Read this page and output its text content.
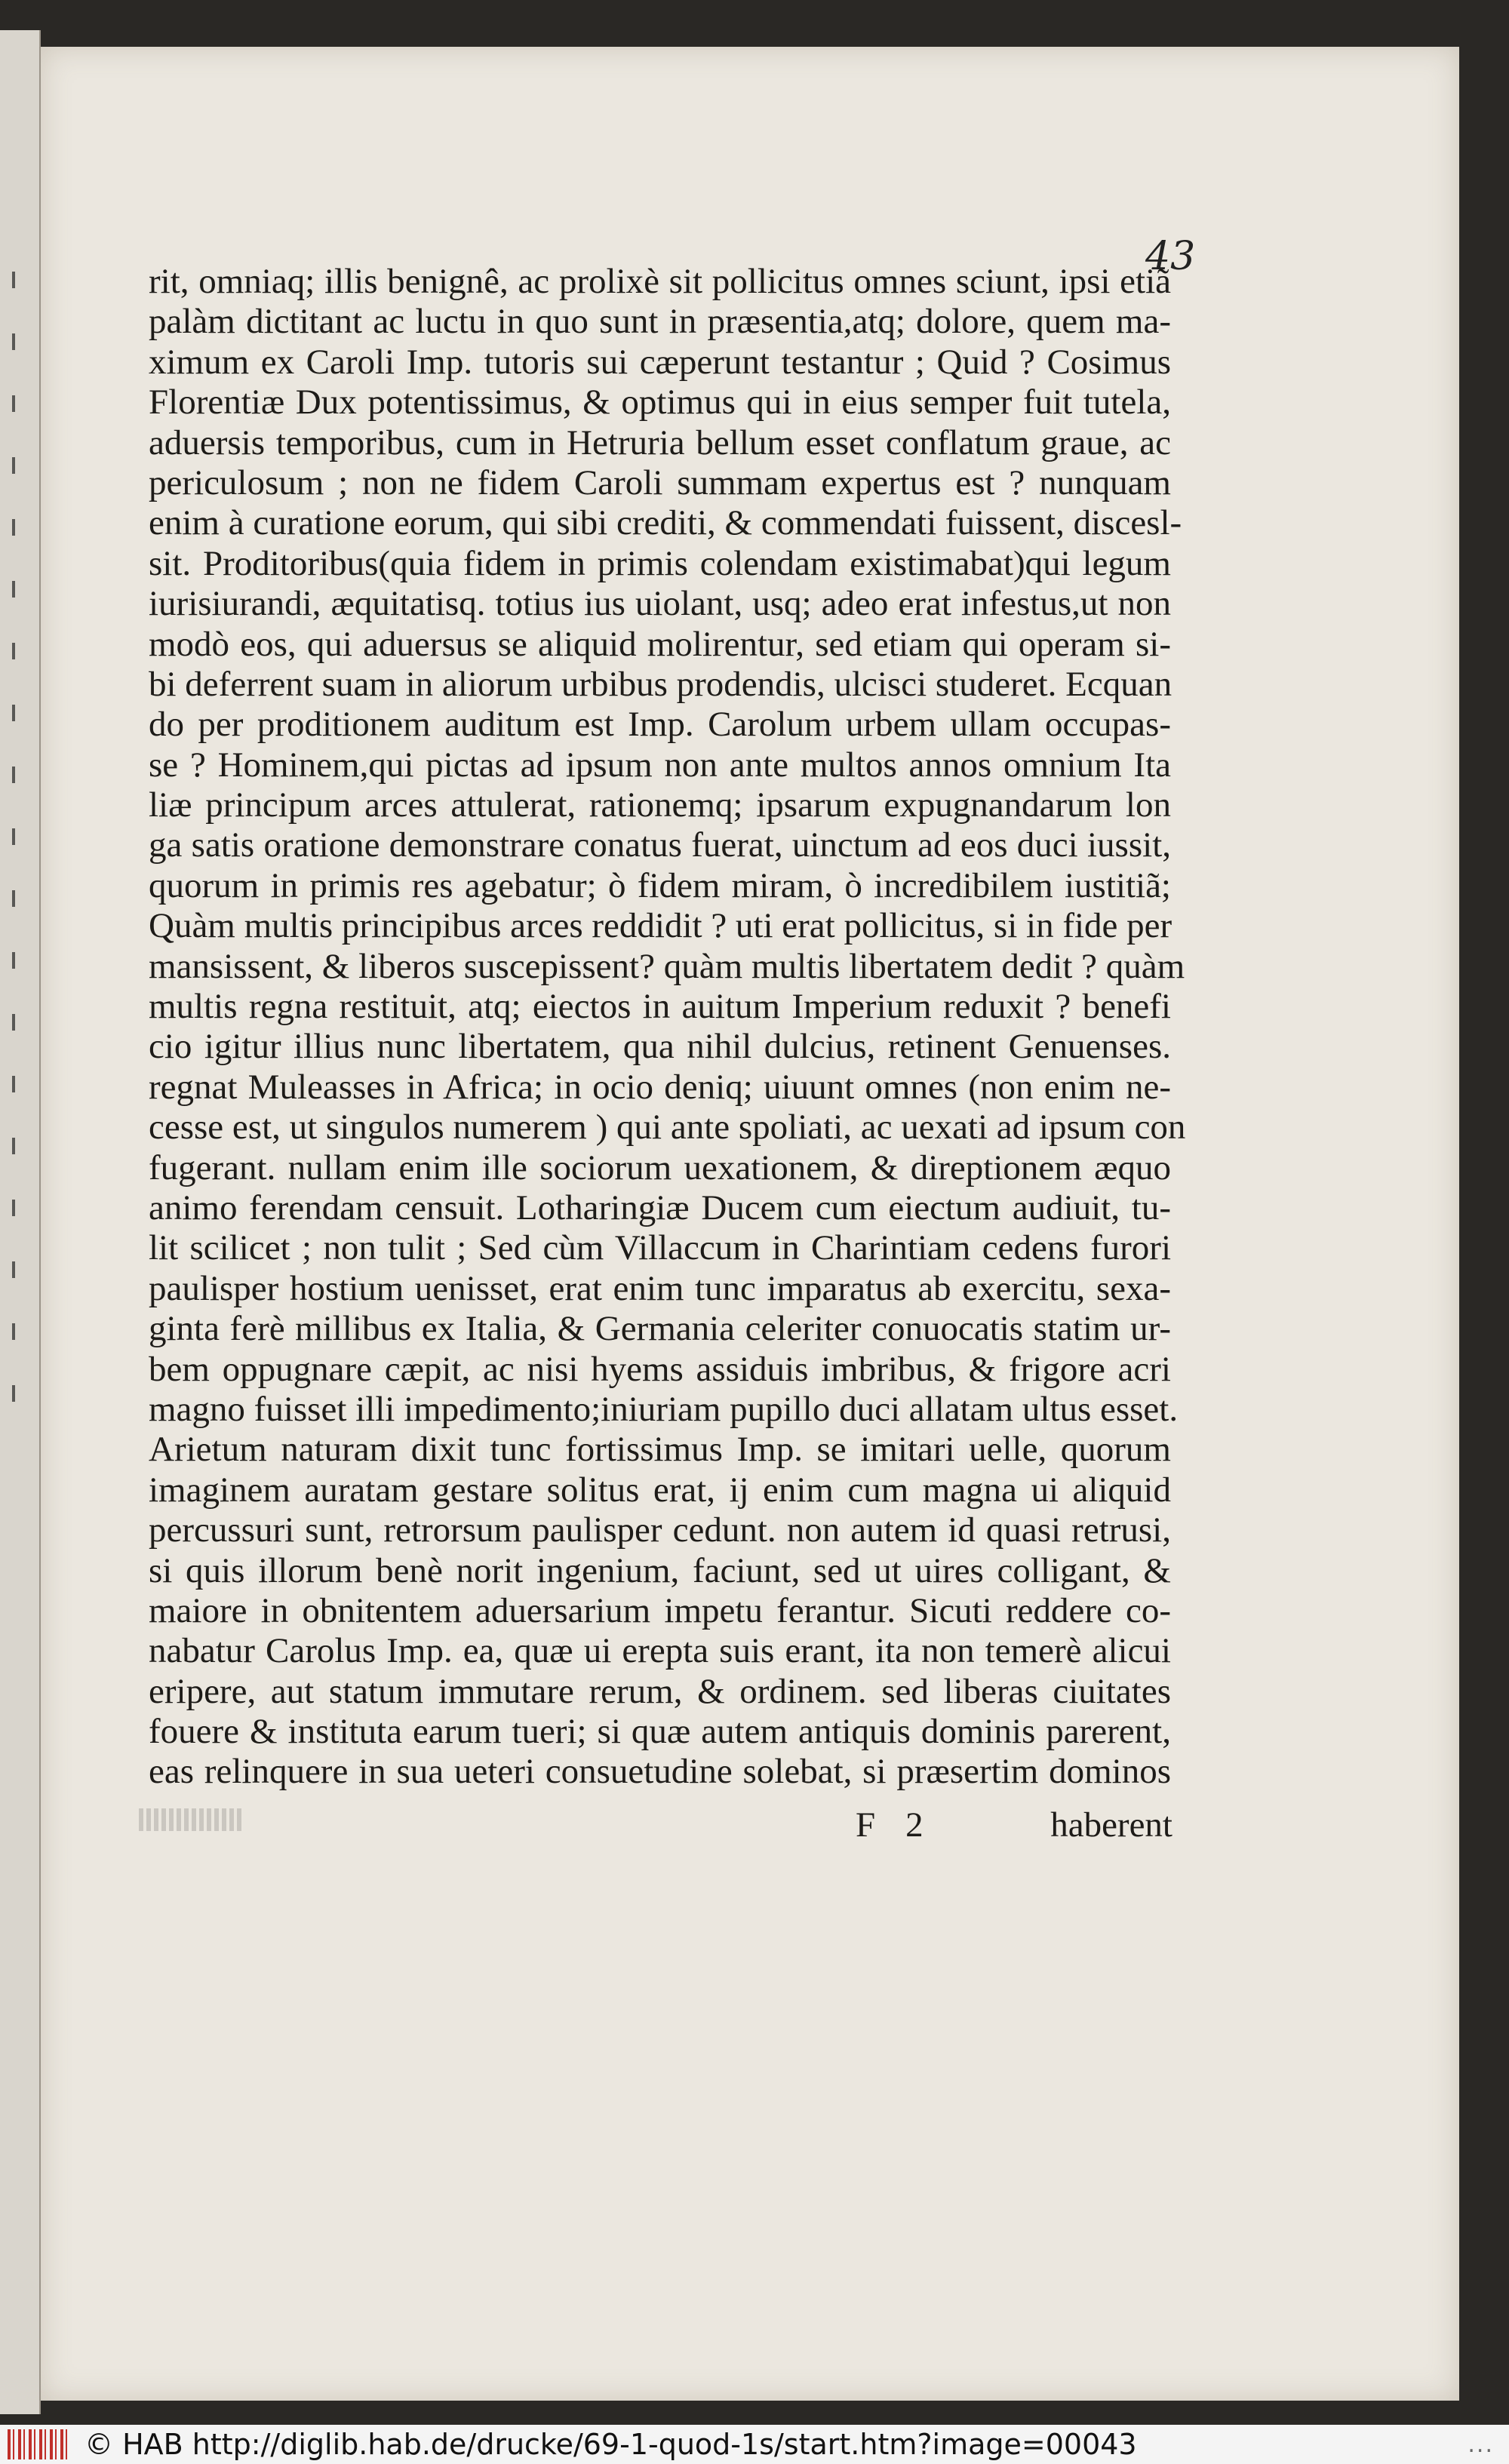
43
rit, omniaq; illis benignê, ac prolixè sit pollicitus omnes sciunt, ipsi etiã
palàm dictitant ac luctu in quo sunt in præsentia,atq; dolore, quem ma-
ximum ex Caroli Imp. tutoris sui cæperunt testantur ; Quid ? Cosimus
Florentiæ Dux potentissimus, & optimus qui in eius semper fuit tutela,
aduersis temporibus, cum in Hetruria bellum esset conflatum graue, ac
periculosum ; non ne fidem Caroli summam expertus est ? nunquam
enim à curatione eorum, qui sibi crediti, & commendati fuissent, discesl-
sit. Proditoribus(quia fidem in primis colendam existimabat)qui legum
iurisiurandi, æquitatisq. totius ius uiolant, usq; adeo erat infestus,ut non
modò eos, qui aduersus se aliquid molirentur, sed etiam qui operam si-
bi deferrent suam in aliorum urbibus prodendis, ulcisci studeret. Ecquan
do per proditionem auditum est Imp. Carolum urbem ullam occupas-
se ? Hominem,qui pictas ad ipsum non ante multos annos omnium Ita
liæ principum arces attulerat, rationemq; ipsarum expugnandarum lon
ga satis oratione demonstrare conatus fuerat, uinctum ad eos duci iussit,
quorum in primis res agebatur; ò fidem miram, ò incredibilem iustitiã;
Quàm multis principibus arces reddidit ? uti erat pollicitus, si in fide per
mansissent, & liberos suscepissent? quàm multis libertatem dedit ? quàm
multis regna restituit, atq; eiectos in auitum Imperium reduxit ? benefi
cio igitur illius nunc libertatem, qua nihil dulcius, retinent Genuenses.
regnat Muleasses in Africa; in ocio deniq; uiuunt omnes (non enim ne-
cesse est, ut singulos numerem ) qui ante spoliati, ac uexati ad ipsum con
fugerant. nullam enim ille sociorum uexationem, & direptionem æquo
animo ferendam censuit. Lotharingiæ Ducem cum eiectum audiuit, tu-
lit scilicet ; non tulit ; Sed cùm Villaccum in Charintiam cedens furori
paulisper hostium uenisset, erat enim tunc imparatus ab exercitu, sexa-
ginta ferè millibus ex Italia, & Germania celeriter conuocatis statim ur-
bem oppugnare cæpit, ac nisi hyems assiduis imbribus, & frigore acri
magno fuisset illi impedimento;iniuriam pupillo duci allatam ultus esset.
Arietum naturam dixit tunc fortissimus Imp. se imitari uelle, quorum
imaginem auratam gestare solitus erat, ij enim cum magna ui aliquid
percussuri sunt, retrorsum paulisper cedunt. non autem id quasi retrusi,
si quis illorum benè norit ingenium, faciunt, sed ut uires colligant, &
maiore in obnitentem aduersarium impetu ferantur. Sicuti reddere co-
nabatur Carolus Imp. ea, quæ ui erepta suis erant, ita non temerè alicui
eripere, aut statum immutare rerum, & ordinem. sed liberas ciuitates
fouere & instituta earum tueri; si quæ autem antiquis dominis parerent,
eas relinquere in sua ueteri consuetudine solebat, si præsertim dominos
F 2	haberent
© HAB http://diglib.hab.de/drucke/69-1-quod-1s/start.htm?image=00043	...
